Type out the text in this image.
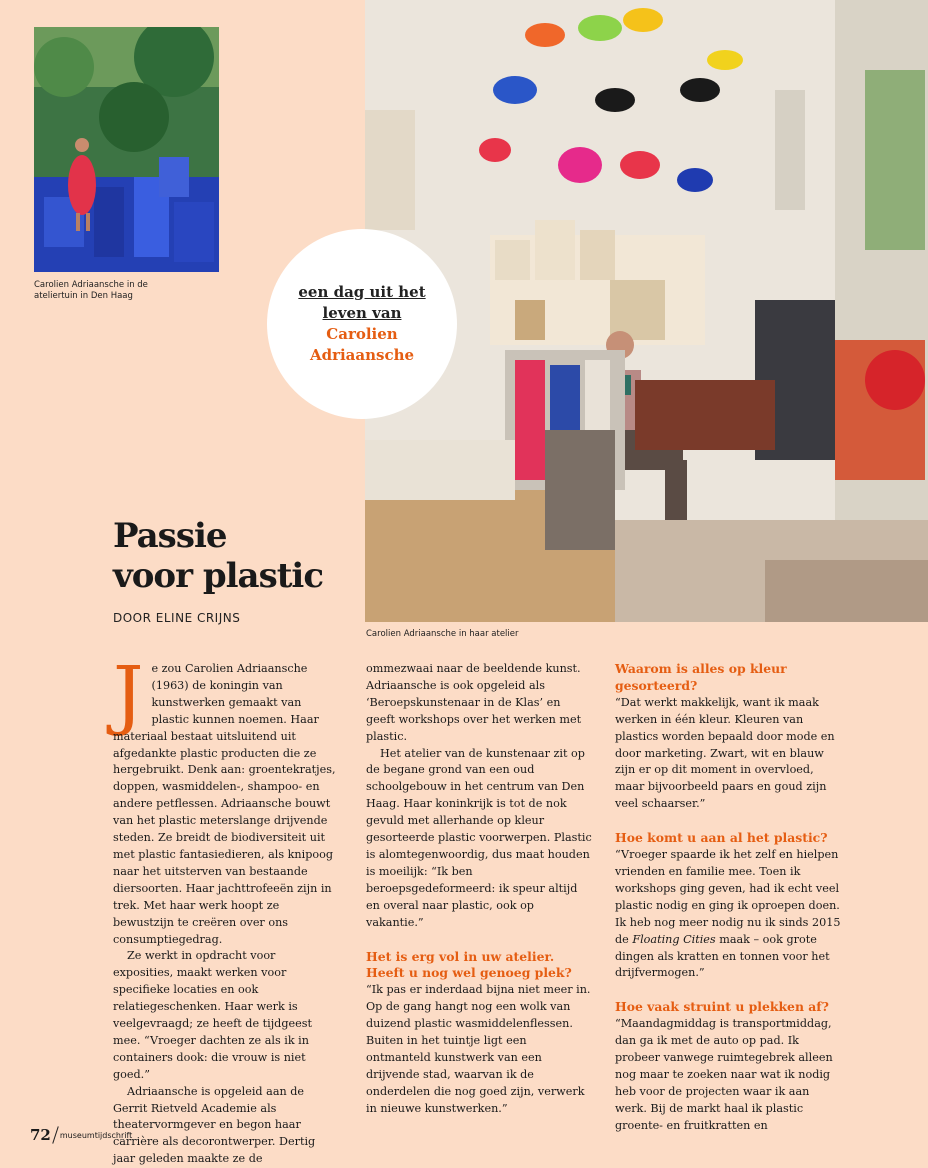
Carolien Adriaansche in de ateliertuin in Den Haag
Carolien Adriaansche in haar atelier
een dag uit het leven van
Carolien Adriaansche
Passie
voor plastic
DOOR ELINE CRIJNS

Je zou Carolien Adriaansche (1963) de koningin van kunstwerken gemaakt van plastic kunnen noemen. Haar materiaal bestaat uitsluitend uit afgedankte plastic producten die ze hergebruikt. Denk aan: groentekratjes, doppen, wasmiddelen-, shampoo- en andere petflessen. Adriaansche bouwt van het plastic meterslange drijvende steden. Ze breidt de biodiversiteit uit met plastic fantasiedieren, als knipoog naar het uitsterven van bestaande diersoorten. Haar jachttrofeeën zijn in trek. Met haar werk hoopt ze bewustzijn te creëren over ons consumptiegedrag.

Ze werkt in opdracht voor exposities, maakt werken voor specifieke locaties en ook relatiegeschenken. Haar werk is veelgevraagd; ze heeft de tijdgeest mee. “Vroeger dachten ze als ik in containers dook: die vrouw is niet goed.”

Adriaansche is opgeleid aan de Gerrit Rietveld Academie als theatervormgever en begon haar carrière als decorontwerper. Dertig jaar geleden maakte ze de

ommezwaai naar de beeldende kunst. Adriaansche is ook opgeleid als ‘Beroepskunstenaar in de Klas’ en geeft workshops over het werken met plastic.

Het atelier van de kunstenaar zit op de begane grond van een oud schoolgebouw in het centrum van Den Haag. Haar koninkrijk is tot de nok gevuld met allerhande op kleur gesorteerde plastic voorwerpen. Plastic is alomtegenwoordig, dus maat houden is moeilijk: “Ik ben beroepsgedeformeerd: ik speur altijd en overal naar plastic, ook op vakantie.”

Het is erg vol in uw atelier. Heeft u nog wel genoeg plek?

“Ik pas er inderdaad bijna niet meer in. Op de gang hangt nog een wolk van duizend plastic wasmiddelenflessen. Buiten in het tuintje ligt een ontmanteld kunstwerk van een drijvende stad, waarvan ik de onderdelen die nog goed zijn, verwerk in nieuwe kunstwerken.”

Waarom is alles op kleur gesorteerd?

“Dat werkt makkelijk, want ik maak werken in één kleur. Kleuren van plastics worden bepaald door mode en door marketing. Zwart, wit en blauw zijn er op dit moment in overvloed, maar bijvoorbeeld paars en goud zijn veel schaarser.”

Hoe komt u aan al het plastic?

“Vroeger spaarde ik het zelf en hielpen vrienden en familie mee. Toen ik workshops ging geven, had ik echt veel plastic nodig en ging ik oproepen doen. Ik heb nog meer nodig nu ik sinds 2015 de Floating Cities maak – ook grote dingen als kratten en tonnen voor het drijfvermogen.”

Hoe vaak struint u plekken af?

“Maandagmiddag is transportmiddag, dan ga ik met de auto op pad. Ik probeer vanwege ruimtegebrek alleen nog maar te zoeken naar wat ik nodig heb voor de projecten waar ik aan werk. Bij de markt haal ik plastic groente- en fruitkratten en

72 museumtijdschrift
